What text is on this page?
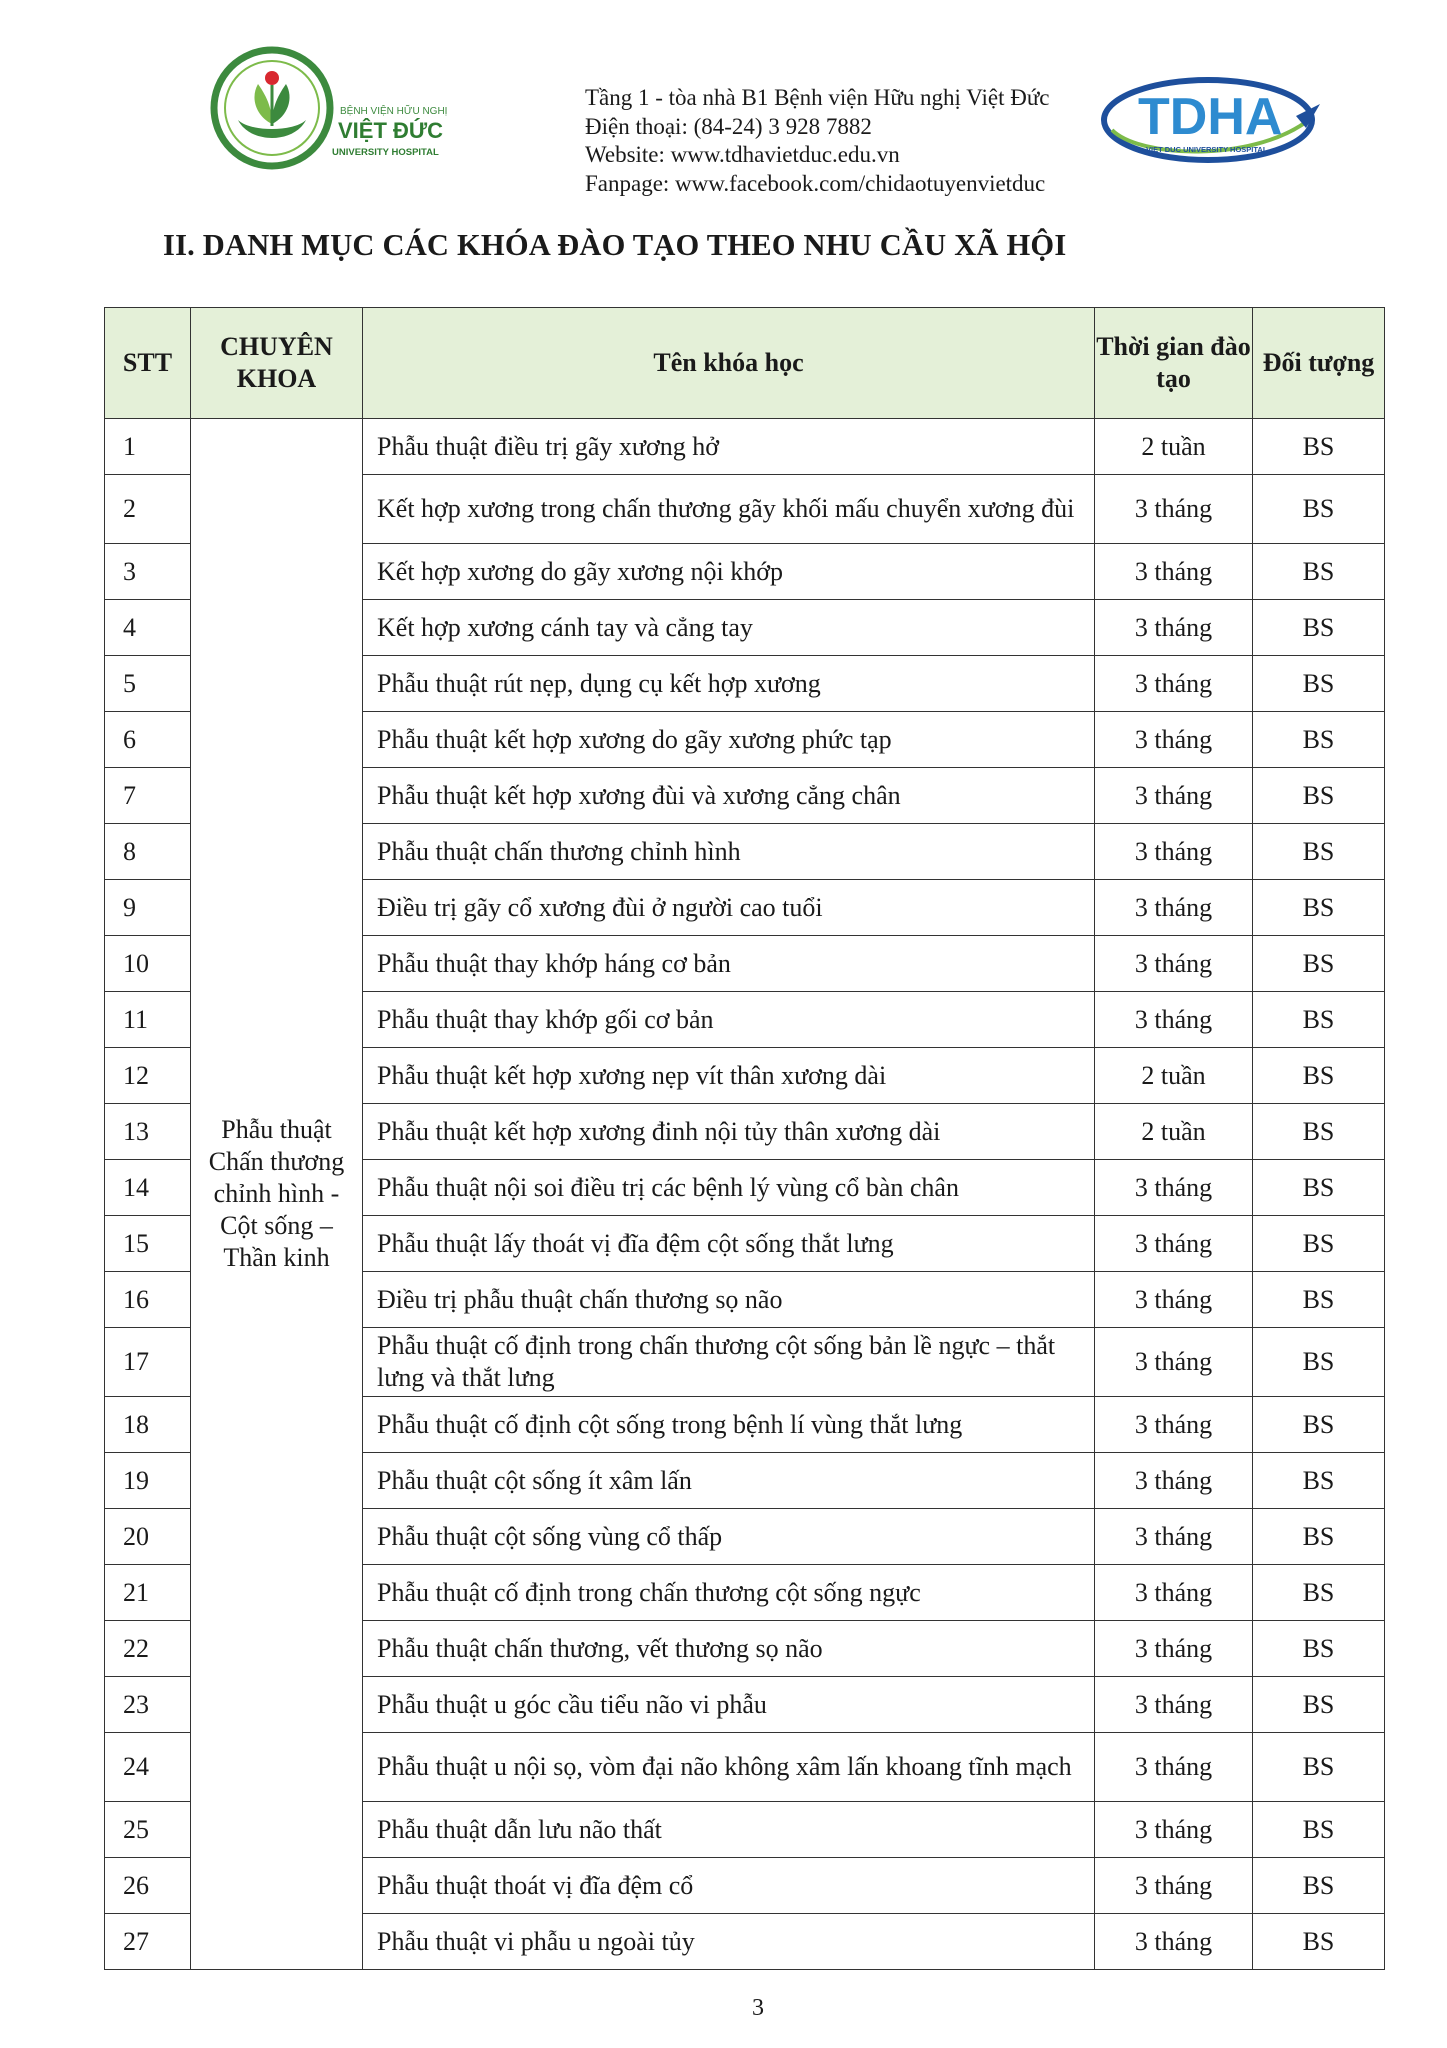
BỆNH VIỆN HỮU NGHỊ
VIỆT ĐỨC
UNIVERSITY HOSPITAL
Tầng 1 - tòa nhà B1 Bệnh viện Hữu nghị Việt Đức
Điện thoại: (84-24) 3 928 7882
Website: www.tdhavietduc.edu.vn
Fanpage: www.facebook.com/chidaotuyenvietduc
TDHA
VIET DUC UNIVERSITY HOSPITAL
II. DANH MỤC CÁC KHÓA ĐÀO TẠO THEO NHU CẦU XÃ HỘI
STT	CHUYÊN KHOA	Tên khóa học	Thời gian đào tạo	Đối tượng
1	Phẫu thuật Chấn thương chỉnh hình - Cột sống – Thần kinh	Phẫu thuật điều trị gãy xương hở	2 tuần	BS
2		Kết hợp xương trong chấn thương gãy khối mấu chuyển xương đùi	3 tháng	BS
3		Kết hợp xương do gãy xương nội khớp	3 tháng	BS
4		Kết hợp xương cánh tay và cẳng tay	3 tháng	BS
5		Phẫu thuật rút nẹp, dụng cụ kết hợp xương	3 tháng	BS
6		Phẫu thuật kết hợp xương do gãy xương phức tạp	3 tháng	BS
7		Phẫu thuật kết hợp xương đùi và xương cẳng chân	3 tháng	BS
8		Phẫu thuật chấn thương chỉnh hình	3 tháng	BS
9		Điều trị gãy cổ xương đùi ở người cao tuổi	3 tháng	BS
10		Phẫu thuật thay khớp háng cơ bản	3 tháng	BS
11		Phẫu thuật thay khớp gối cơ bản	3 tháng	BS
12		Phẫu thuật kết hợp xương nẹp vít thân xương dài	2 tuần	BS
13		Phẫu thuật kết hợp xương đinh nội tủy thân xương dài	2 tuần	BS
14		Phẫu thuật nội soi điều trị các bệnh lý vùng cổ bàn chân	3 tháng	BS
15		Phẫu thuật lấy thoát vị đĩa đệm cột sống thắt lưng	3 tháng	BS
16		Điều trị phẫu thuật chấn thương sọ não	3 tháng	BS
17		Phẫu thuật cố định trong chấn thương cột sống bản lề ngực – thắt lưng và thắt lưng	3 tháng	BS
18		Phẫu thuật cố định cột sống trong bệnh lí vùng thắt lưng	3 tháng	BS
19		Phẫu thuật cột sống ít xâm lấn	3 tháng	BS
20		Phẫu thuật cột sống vùng cổ thấp	3 tháng	BS
21		Phẫu thuật cố định trong chấn thương cột sống ngực	3 tháng	BS
22		Phẫu thuật chấn thương, vết thương sọ não	3 tháng	BS
23		Phẫu thuật u góc cầu tiểu não vi phẫu	3 tháng	BS
24		Phẫu thuật u nội sọ, vòm đại não không xâm lấn khoang tĩnh mạch	3 tháng	BS
25		Phẫu thuật dẫn lưu não thất	3 tháng	BS
26		Phẫu thuật thoát vị đĩa đệm cổ	3 tháng	BS
27		Phẫu thuật vi phẫu u ngoài tủy	3 tháng	BS
3
